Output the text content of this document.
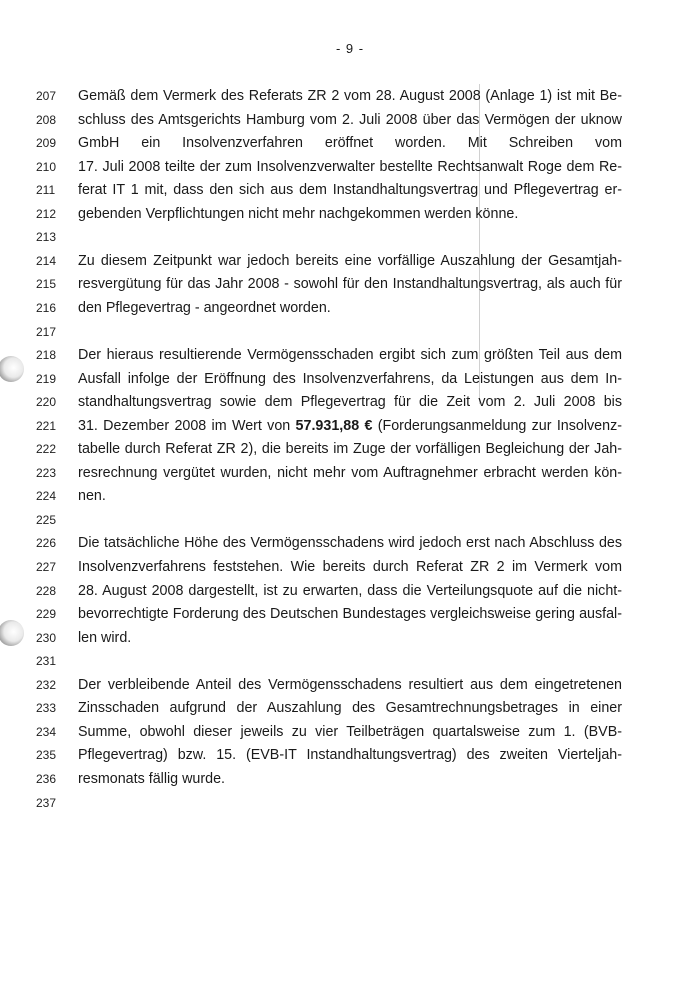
- 9 -
207 Gemäß dem Vermerk des Referats ZR 2 vom 28. August 2008 (Anlage 1) ist mit Be-
208 schluss des Amtsgerichts Hamburg vom 2. Juli 2008 über das Vermögen der uknow
209 GmbH ein Insolvenzverfahren eröffnet worden. Mit Schreiben vom
210 17. Juli 2008 teilte der zum Insolvenzverwalter bestellte Rechtsanwalt Roge dem Re-
211 ferat IT 1 mit, dass den sich aus dem Instandhaltungsvertrag und Pflegevertrag er-
212 gebenden Verpflichtungen nicht mehr nachgekommen werden könne.
213
214 Zu diesem Zeitpunkt war jedoch bereits eine vorfällige Auszahlung der Gesamtjah-
215 resvergütung für das Jahr 2008 - sowohl für den Instandhaltungsvertrag, als auch für
216 den Pflegevertrag - angeordnet worden.
217
218 Der hieraus resultierende Vermögensschaden ergibt sich zum größten Teil aus dem
219 Ausfall infolge der Eröffnung des Insolvenzverfahrens, da Leistungen aus dem In-
220 standhaltungsvertrag sowie dem Pflegevertrag für die Zeit vom 2. Juli 2008 bis
221 31. Dezember 2008 im Wert von 57.931,88 € (Forderungsanmeldung zur Insolvenz-
222 tabelle durch Referat ZR 2), die bereits im Zuge der vorfälligen Begleichung der Jah-
223 resrechnung vergütet wurden, nicht mehr vom Auftragnehmer erbracht werden kön-
224 nen.
225
226 Die tatsächliche Höhe des Vermögensschadens wird jedoch erst nach Abschluss des
227 Insolvenzverfahrens feststehen. Wie bereits durch Referat ZR 2 im Vermerk vom
228 28. August 2008 dargestellt, ist zu erwarten, dass die Verteilungsquote auf die nicht-
229 bevorrechtigte Forderung des Deutschen Bundestages vergleichsweise gering ausfal-
230 len wird.
231
232 Der verbleibende Anteil des Vermögensschadens resultiert aus dem eingetretenen
233 Zinsschaden aufgrund der Auszahlung des Gesamtrechnungsbetrages in einer
234 Summe, obwohl dieser jeweils zu vier Teilbeträgen quartalsweise zum 1. (BVB-
235 Pflegevertrag) bzw. 15. (EVB-IT Instandhaltungsvertrag) des zweiten Vierteljah-
236 resmonats fällig wurde.
237
